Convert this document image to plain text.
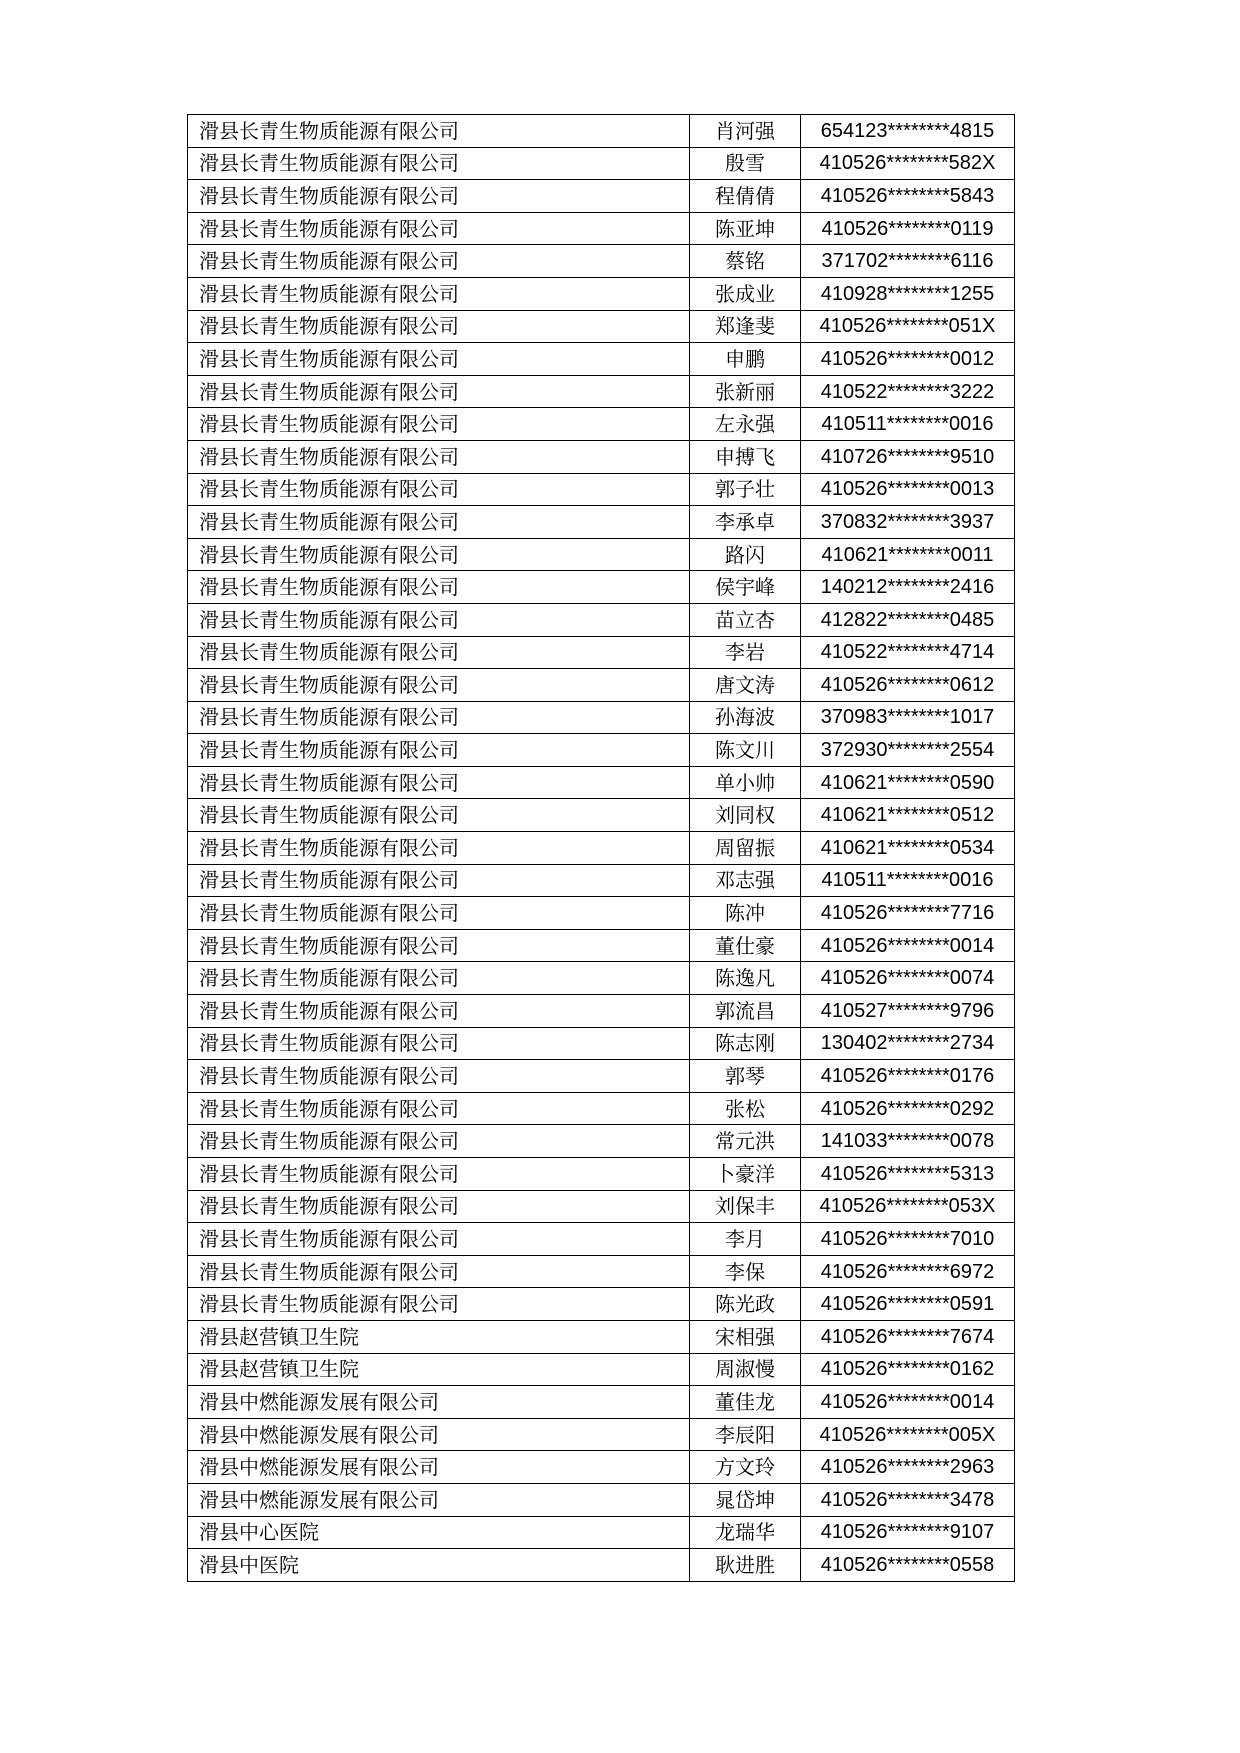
滑县长青生物质能源有限公司	肖河强	654123********4815
滑县长青生物质能源有限公司	殷雪	410526********582X
滑县长青生物质能源有限公司	程倩倩	410526********5843
滑县长青生物质能源有限公司	陈亚坤	410526********0119
滑县长青生物质能源有限公司	蔡铭	371702********6116
滑县长青生物质能源有限公司	张成业	410928********1255
滑县长青生物质能源有限公司	郑逢斐	410526********051X
滑县长青生物质能源有限公司	申鹏	410526********0012
滑县长青生物质能源有限公司	张新丽	410522********3222
滑县长青生物质能源有限公司	左永强	410511********0016
滑县长青生物质能源有限公司	申搏飞	410726********9510
滑县长青生物质能源有限公司	郭子壮	410526********0013
滑县长青生物质能源有限公司	李承卓	370832********3937
滑县长青生物质能源有限公司	路闪	410621********0011
滑县长青生物质能源有限公司	侯宇峰	140212********2416
滑县长青生物质能源有限公司	苗立杏	412822********0485
滑县长青生物质能源有限公司	李岩	410522********4714
滑县长青生物质能源有限公司	唐文涛	410526********0612
滑县长青生物质能源有限公司	孙海波	370983********1017
滑县长青生物质能源有限公司	陈文川	372930********2554
滑县长青生物质能源有限公司	单小帅	410621********0590
滑县长青生物质能源有限公司	刘同权	410621********0512
滑县长青生物质能源有限公司	周留振	410621********0534
滑县长青生物质能源有限公司	邓志强	410511********0016
滑县长青生物质能源有限公司	陈冲	410526********7716
滑县长青生物质能源有限公司	董仕豪	410526********0014
滑县长青生物质能源有限公司	陈逸凡	410526********0074
滑县长青生物质能源有限公司	郭流昌	410527********9796
滑县长青生物质能源有限公司	陈志刚	130402********2734
滑县长青生物质能源有限公司	郭琴	410526********0176
滑县长青生物质能源有限公司	张松	410526********0292
滑县长青生物质能源有限公司	常元洪	141033********0078
滑县长青生物质能源有限公司	卜豪洋	410526********5313
滑县长青生物质能源有限公司	刘保丰	410526********053X
滑县长青生物质能源有限公司	李月	410526********7010
滑县长青生物质能源有限公司	李保	410526********6972
滑县长青生物质能源有限公司	陈光政	410526********0591
滑县赵营镇卫生院	宋相强	410526********7674
滑县赵营镇卫生院	周淑慢	410526********0162
滑县中燃能源发展有限公司	董佳龙	410526********0014
滑县中燃能源发展有限公司	李辰阳	410526********005X
滑县中燃能源发展有限公司	方文玲	410526********2963
滑县中燃能源发展有限公司	晁岱坤	410526********3478
滑县中心医院	龙瑞华	410526********9107
滑县中医院	耿进胜	410526********0558
